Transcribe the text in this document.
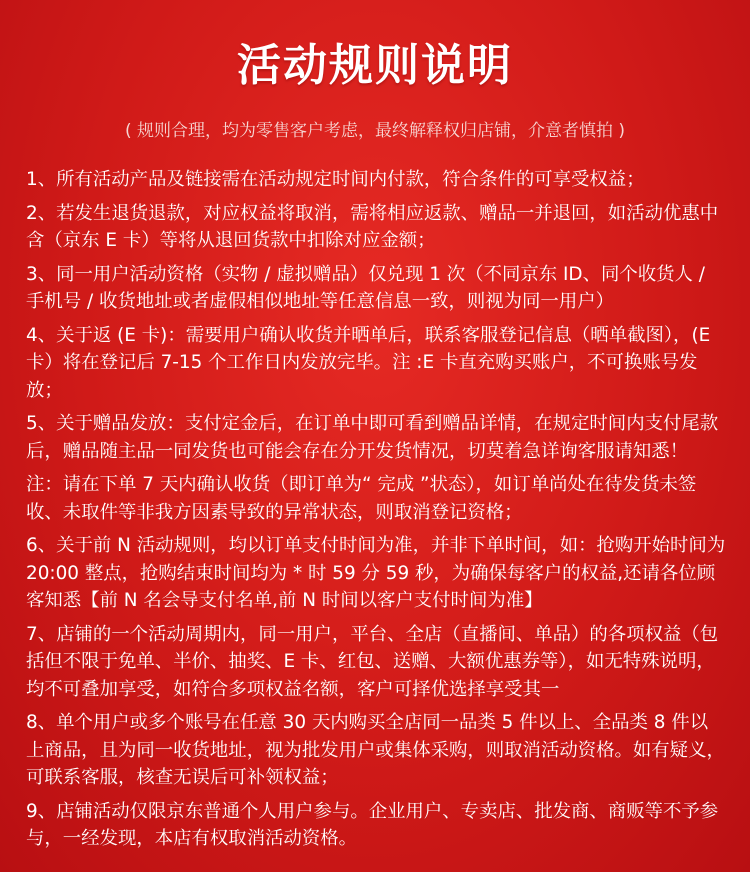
活动规则说明
( 规则合理，均为零售客户考虑，最终解释权归店铺，介意者慎拍 )

1、所有活动产品及链接需在活动规定时间内付款，符合条件的可享受权益；

2、若发生退货退款，对应权益将取消，需将相应返款、赠品一并退回，如活动优惠中含（京东 E 卡）等将从退回货款中扣除对应金额；

3、同一用户活动资格（实物 / 虚拟赠品）仅兑现 1 次（不同京东 ID、同个收货人 / 手机号 / 收货地址或者虚假相似地址等任意信息一致，则视为同一用户）

4、关于返 (E 卡)：需要用户确认收货并晒单后，联系客服登记信息（晒单截图），(E 卡）将在登记后 7-15 个工作日内发放完毕。注 :E 卡直充购买账户，不可换账号发放；

5、关于赠品发放：支付定金后，在订单中即可看到赠品详情，在规定时间内支付尾款后，赠品随主品一同发货也可能会存在分开发货情况，切莫着急详询客服请知悉！

注：请在下单 7 天内确认收货（即订单为“ 完成 ”状态），如订单尚处在待发货未签收、未取件等非我方因素导致的异常状态，则取消登记资格；

6、关于前 N 活动规则，均以订单支付时间为准，并非下单时间，如：抢购开始时间为 20:00 整点，抢购结束时间均为 * 时 59 分 59 秒，为确保每客户的权益,还请各位顾客知悉【前 N 名会导支付名单,前 N 时间以客户支付时间为准】

7、店铺的一个活动周期内，同一用户，平台、全店（直播间、单品）的各项权益（包括但不限于免单、半价、抽奖、E 卡、红包、送赠、大额优惠券等），如无特殊说明，均不可叠加享受，如符合多项权益名额，客户可择优选择享受其一

8、单个用户或多个账号在任意 30 天内购买全店同一品类 5 件以上、全品类 8 件以上商品，且为同一收货地址，视为批发用户或集体采购，则取消活动资格。如有疑义，可联系客服，核查无误后可补领权益；

9、店铺活动仅限京东普通个人用户参与。企业用户、专卖店、批发商、商贩等不予参与，一经发现，本店有权取消活动资格。
